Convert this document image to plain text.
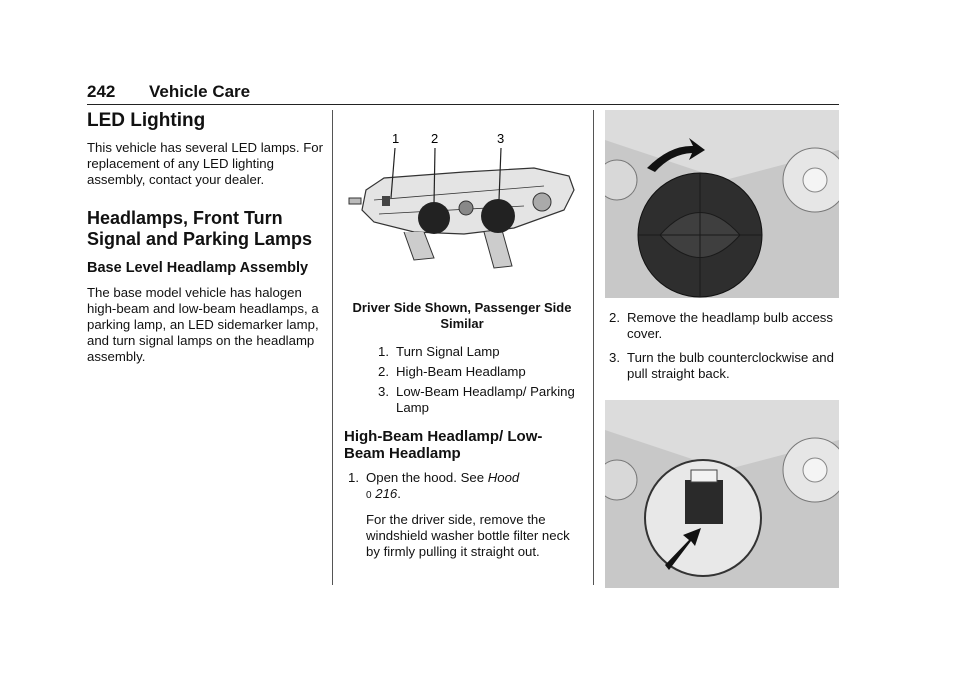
242 Vehicle Care
LED Lighting

This vehicle has several LED lamps. For replacement of any LED lighting assembly, contact your dealer.

Headlamps, Front Turn Signal and Parking Lamps
Base Level Headlamp Assembly

The base model vehicle has halogen high-beam and low-beam headlamps, a parking lamp, an LED sidemarker lamp, and turn signal lamps on the headlamp assembly.

1 2	3
Driver Side Shown, Passenger Side Similar
1. Turn Signal Lamp
2. High-Beam Headlamp
3. Low-Beam Headlamp/ Parking Lamp
High-Beam Headlamp/ Low-Beam Headlamp
1. Open the hood. See Hood
0 216.

For the driver side, remove the windshield washer bottle filter neck by firmly pulling it straight out.

2. Remove the headlamp bulb access cover.
3. Turn the bulb counterclockwise and pull straight back.
